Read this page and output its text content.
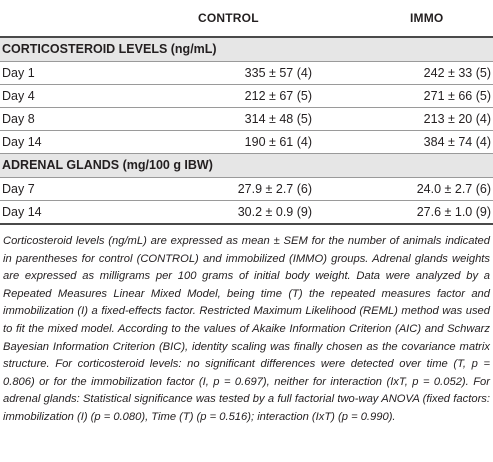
	CONTROL	IMMO
CORTICOSTEROID LEVELS (ng/mL)		
Day 1	335 ± 57 (4)	242 ± 33 (5)
Day 4	212 ± 67 (5)	271 ± 66 (5)
Day 8	314 ± 48 (5)	213 ± 20 (4)
Day 14	190 ± 61 (4)	384 ± 74 (4)
ADRENAL GLANDS (mg/100 g IBW)		
Day 7	27.9 ± 2.7 (6)	24.0 ± 2.7 (6)
Day 14	30.2 ± 0.9 (9)	27.6 ± 1.0 (9)

Corticosteroid levels (ng/mL) are expressed as mean ± SEM for the number of animals indicated in parentheses for control (CONTROL) and immobilized (IMMO) groups. Adrenal glands weights are expressed as milligrams per 100 grams of initial body weight. Data were analyzed by a Repeated Measures Linear Mixed Model, being time (T) the repeated measures factor and immobilization (I) a fixed-effects factor. Restricted Maximum Likelihood (REML) method was used to fit the mixed model. According to the values of Akaike Information Criterion (AIC) and Schwarz Bayesian Information Criterion (BIC), identity scaling was finally chosen as the covariance matrix structure. For corticosteroid levels: no significant differences were detected over time (T, p = 0.806) or for the immobilization factor (I, p = 0.697), neither for interaction (IxT, p = 0.052). For adrenal glands: Statistical significance was tested by a full factorial two-way ANOVA (fixed factors: immobilization (I) (p = 0.080), Time (T) (p = 0.516); interaction (IxT) (p = 0.990).
